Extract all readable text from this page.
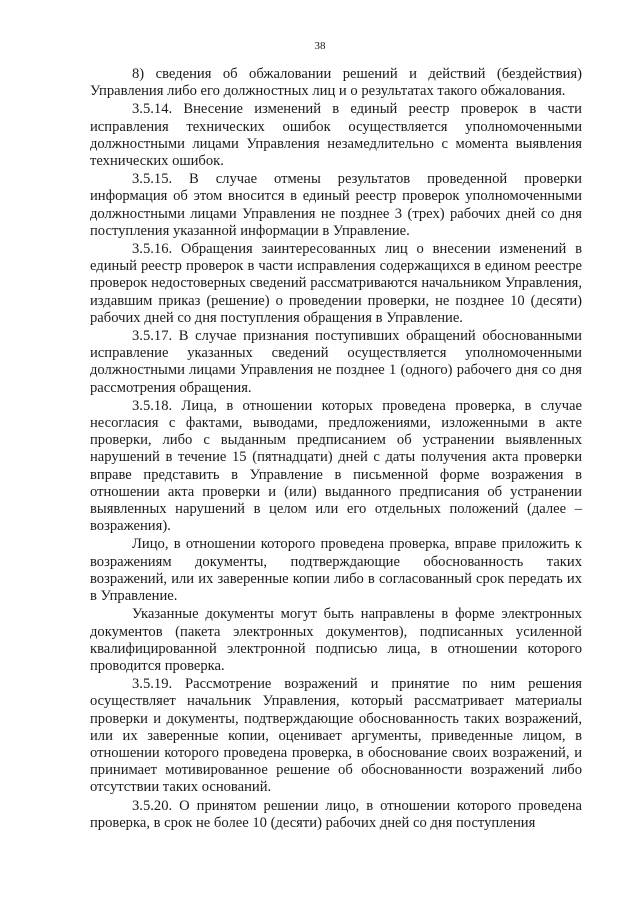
38

8) сведения об обжаловании решений и действий (бездействия) Управления либо его должностных лиц и о результатах такого обжалования.

3.5.14. Внесение изменений в единый реестр проверок в части исправления технических ошибок осуществляется уполномоченными должностными лицами Управления незамедлительно с момента выявления технических ошибок.

3.5.15. В случае отмены результатов проведенной проверки информация об этом вносится в единый реестр проверок уполномоченными должностными лицами Управления не позднее 3 (трех) рабочих дней со дня поступления указанной информации в Управление.

3.5.16. Обращения заинтересованных лиц о внесении изменений в единый реестр проверок в части исправления содержащихся в едином реестре проверок недостоверных сведений рассматриваются начальником Управления, издавшим приказ (решение) о проведении проверки, не позднее 10 (десяти) рабочих дней со дня поступления обращения в Управление.

3.5.17. В случае признания поступивших обращений обоснованными исправление указанных сведений осуществляется уполномоченными должностными лицами Управления не позднее 1 (одного) рабочего дня со дня рассмотрения обращения.

3.5.18. Лица, в отношении которых проведена проверка, в случае несогласия с фактами, выводами, предложениями, изложенными в акте проверки, либо с выданным предписанием об устранении выявленных нарушений в течение 15 (пятнадцати) дней с даты получения акта проверки вправе представить в Управление в письменной форме возражения в отношении акта проверки и (или) выданного предписания об устранении выявленных нарушений в целом или его отдельных положений (далее – возражения).

Лицо, в отношении которого проведена проверка, вправе приложить к возражениям документы, подтверждающие обоснованность таких возражений, или их заверенные копии либо в согласованный срок передать их в Управление.

Указанные документы могут быть направлены в форме электронных документов (пакета электронных документов), подписанных усиленной квалифицированной электронной подписью лица, в отношении которого проводится проверка.

3.5.19. Рассмотрение возражений и принятие по ним решения осуществляет начальник Управления, который рассматривает материалы проверки и документы, подтверждающие обоснованность таких возражений, или их заверенные копии, оценивает аргументы, приведенные лицом, в отношении которого проведена проверка, в обоснование своих возражений, и принимает мотивированное решение об обоснованности возражений либо отсутствии таких оснований.

3.5.20. О принятом решении лицо, в отношении которого проведена проверка, в срок не более 10 (десяти) рабочих дней со дня поступления
